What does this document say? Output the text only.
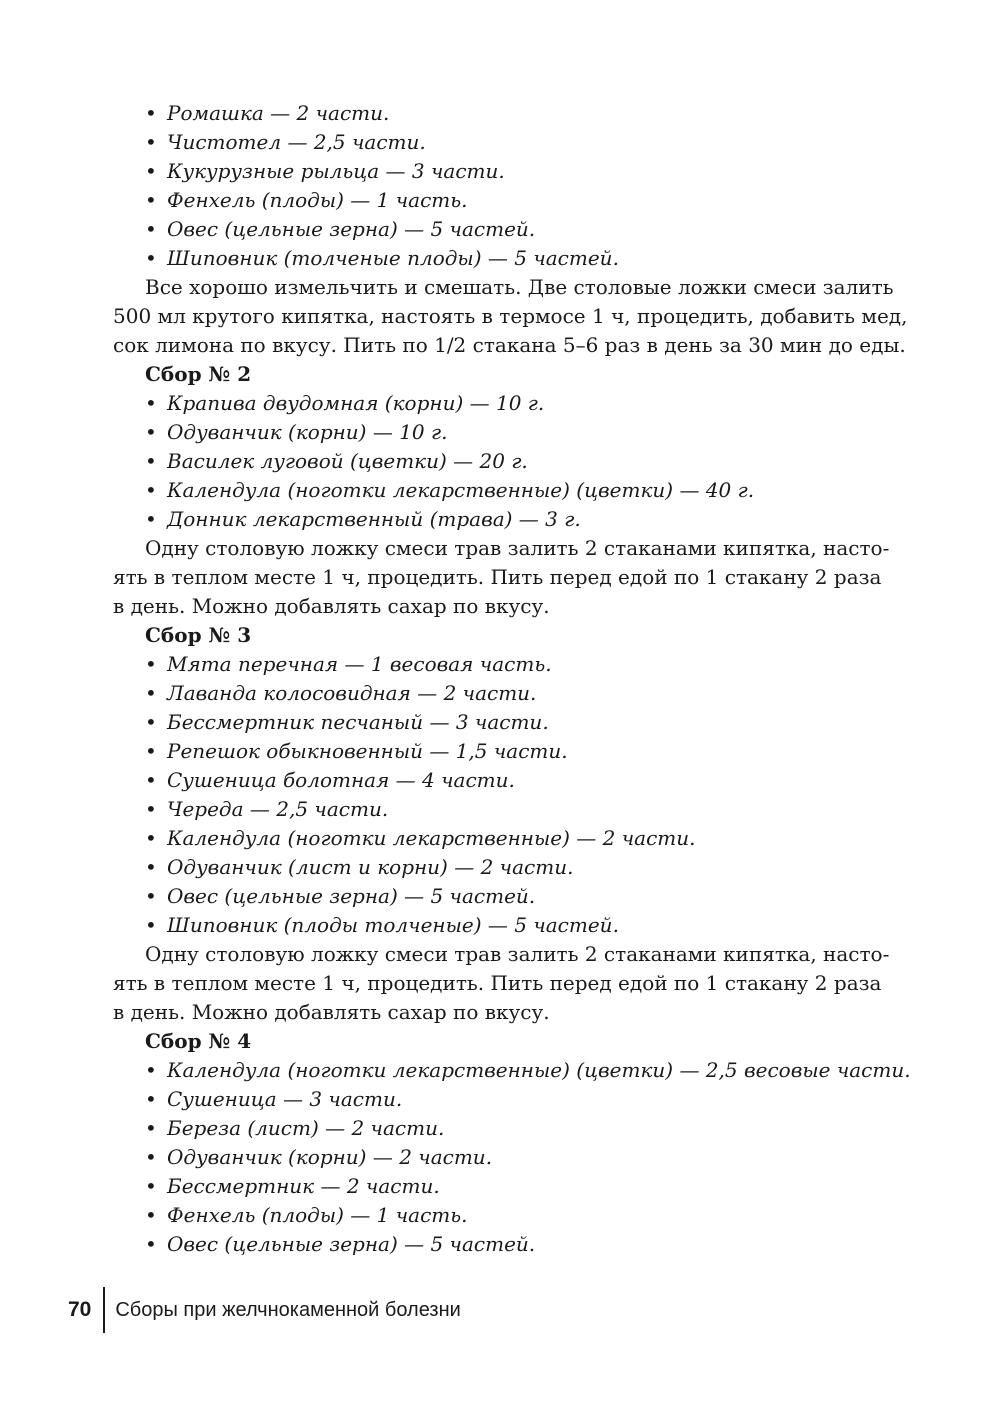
• Ромашка — 2 части.
• Чистотел — 2,5 части.
• Кукурузные рыльца — 3 части.
• Фенхель (плоды) — 1 часть.
• Овес (цельные зерна) — 5 частей.
• Шиповник (толченые плоды) — 5 частей.
Все хорошо измельчить и смешать. Две столовые ложки смеси залить
500 мл крутого кипятка, настоять в термосе 1 ч, процедить, добавить мед,
сок лимона по вкусу. Пить по 1/2 стакана 5–6 раз в день за 30 мин до еды.
Сбор № 2
• Крапива двудомная (корни) — 10 г.
• Одуванчик (корни) — 10 г.
• Василек луговой (цветки) — 20 г.
• Календула (ноготки лекарственные) (цветки) — 40 г.
• Донник лекарственный (трава) — 3 г.
Одну столовую ложку смеси трав залить 2 стаканами кипятка, насто-
ять в теплом месте 1 ч, процедить. Пить перед едой по 1 стакану 2 раза
в день. Можно добавлять сахар по вкусу.
Сбор № 3
• Мята перечная — 1 весовая часть.
• Лаванда колосовидная — 2 части.
• Бессмертник песчаный — 3 части.
• Репешок обыкновенный — 1,5 части.
• Сушеница болотная — 4 части.
• Череда — 2,5 части.
• Календула (ноготки лекарственные) — 2 части.
• Одуванчик (лист и корни) — 2 части.
• Овес (цельные зерна) — 5 частей.
• Шиповник (плоды толченые) — 5 частей.
Одну столовую ложку смеси трав залить 2 стаканами кипятка, насто-
ять в теплом месте 1 ч, процедить. Пить перед едой по 1 стакану 2 раза
в день. Можно добавлять сахар по вкусу.
Сбор № 4
• Календула (ноготки лекарственные) (цветки) — 2,5 весовые части.
• Сушеница — 3 части.
• Береза (лист) — 2 части.
• Одуванчик (корни) — 2 части.
• Бессмертник — 2 части.
• Фенхель (плоды) — 1 часть.
• Овес (цельные зерна) — 5 частей.
70	Сборы при желчнокаменной болезни
